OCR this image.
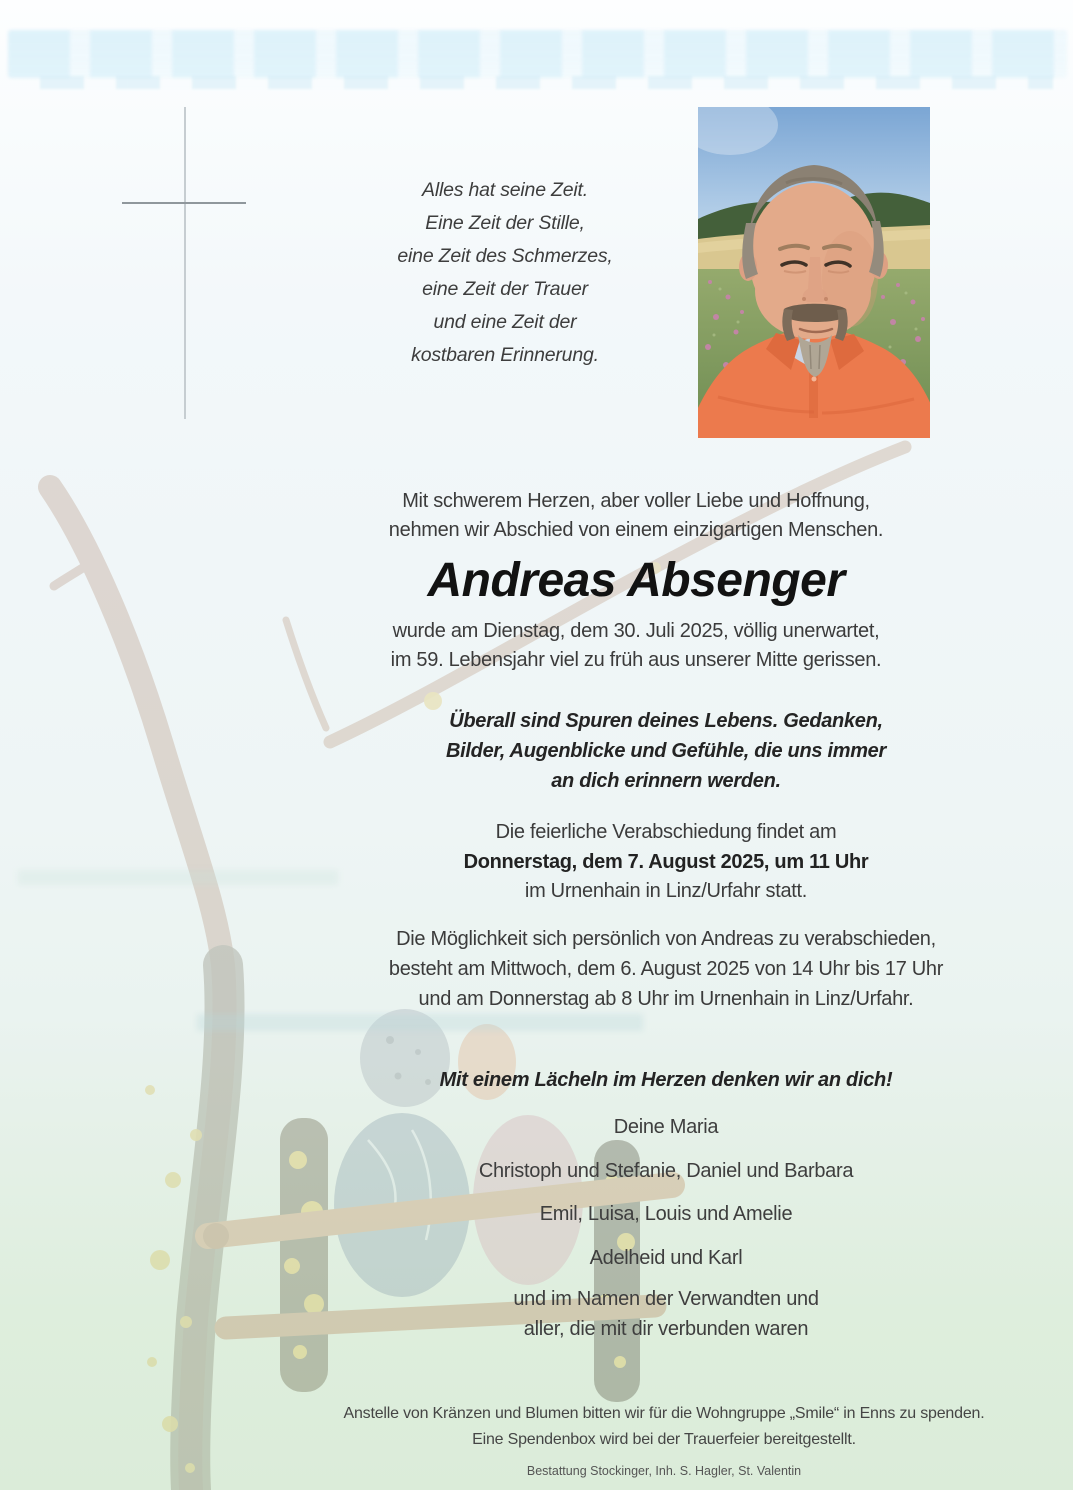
Alles hat seine Zeit.
Eine Zeit der Stille,
eine Zeit des Schmerzes,
eine Zeit der Trauer
und eine Zeit der
kostbaren Erinnerung.
Mit schwerem Herzen, aber voller Liebe und Hoffnung,
nehmen wir Abschied von einem einzigartigen Menschen.
Andreas Absenger
wurde am Dienstag, dem 30. Juli 2025, völlig unerwartet,
im 59. Lebensjahr viel zu früh aus unserer Mitte gerissen.
Überall sind Spuren deines Lebens. Gedanken,
Bilder, Augenblicke und Gefühle, die uns immer
an dich erinnern werden.
Die feierliche Verabschiedung findet am
Donnerstag, dem 7. August 2025, um 11 Uhr
im Urnenhain in Linz/Urfahr statt.
Die Möglichkeit sich persönlich von Andreas zu verabschieden,
besteht am Mittwoch, dem 6. August 2025 von 14 Uhr bis 17 Uhr
und am Donnerstag ab 8 Uhr im Urnenhain in Linz/Urfahr.
Mit einem Lächeln im Herzen denken wir an dich!
Deine Maria
Christoph und Stefanie, Daniel und Barbara
Emil, Luisa, Louis und Amelie
Adelheid und Karl
und im Namen der Verwandten und
aller, die mit dir verbunden waren
Anstelle von Kränzen und Blumen bitten wir für die Wohngruppe „Smile“ in Enns zu spenden.
Eine Spendenbox wird bei der Trauerfeier bereitgestellt.
Bestattung Stockinger, Inh. S. Hagler, St. Valentin
